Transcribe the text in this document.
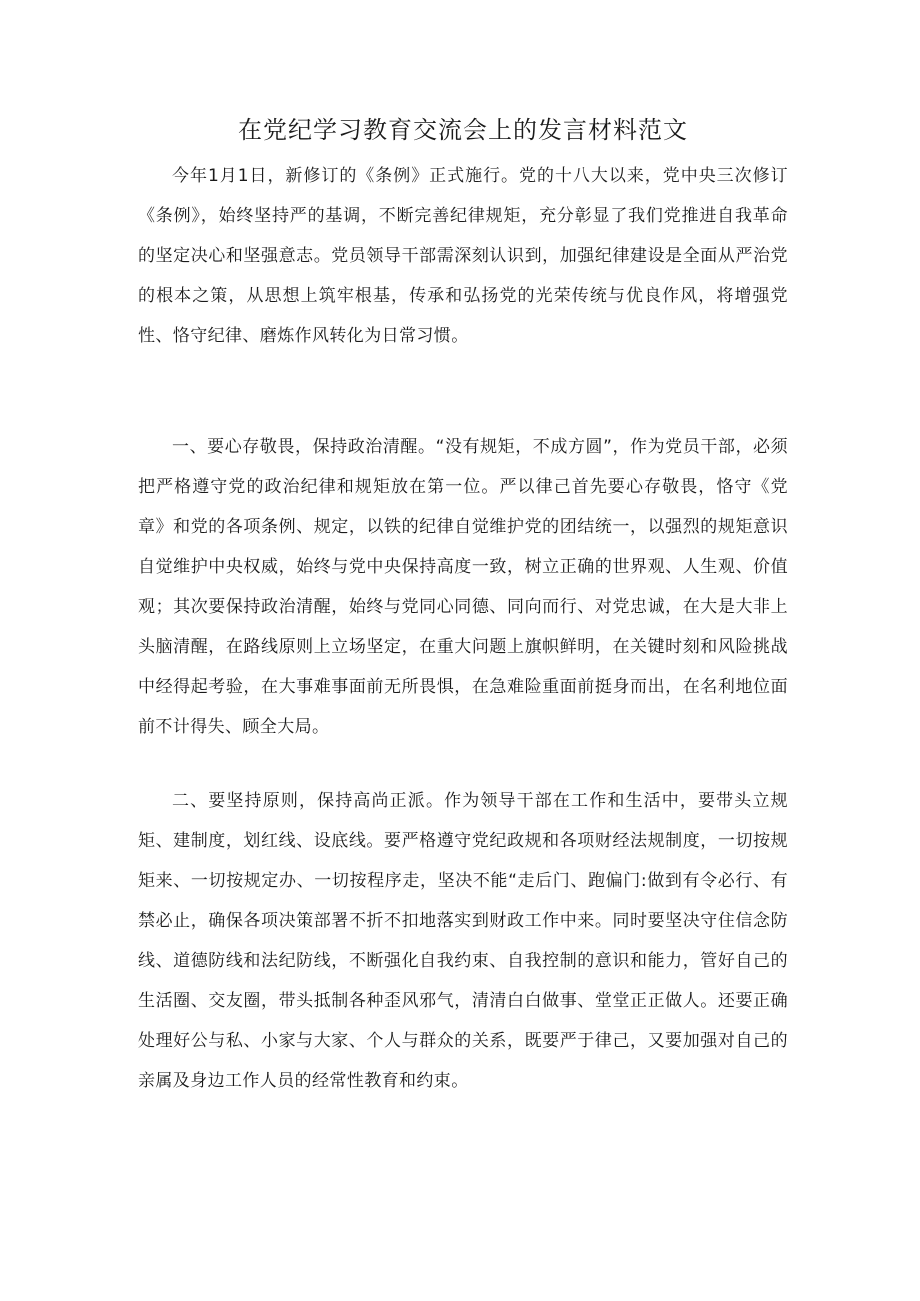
在党纪学习教育交流会上的发言材料范文

今年1月1日，新修订的《条例》正式施行。党的十八大以来，党中央三次修订《条例》，始终坚持严的基调，不断完善纪律规矩，充分彰显了我们党推进自我革命的坚定决心和坚强意志。党员领导干部需深刻认识到，加强纪律建设是全面从严治党的根本之策，从思想上筑牢根基，传承和弘扬党的光荣传统与优良作风，将增强党性、恪守纪律、磨炼作风转化为日常习惯。

一、要心存敬畏，保持政治清醒。“没有规矩，不成方圆”，作为党员干部，必须把严格遵守党的政治纪律和规矩放在第一位。严以律己首先要心存敬畏，恪守《党章》和党的各项条例、规定，以铁的纪律自觉维护党的团结统一，以强烈的规矩意识自觉维护中央权威，始终与党中央保持高度一致，树立正确的世界观、人生观、价值观；其次要保持政治清醒，始终与党同心同德、同向而行、对党忠诚，在大是大非上头脑清醒，在路线原则上立场坚定，在重大问题上旗帜鲜明，在关键时刻和风险挑战中经得起考验，在大事难事面前无所畏惧，在急难险重面前挺身而出，在名利地位面前不计得失、顾全大局。

二、要坚持原则，保持高尚正派。作为领导干部在工作和生活中，要带头立规矩、建制度，划红线、设底线。要严格遵守党纪政规和各项财经法规制度，一切按规矩来、一切按规定办、一切按程序走，坚决不能“走后门、跑偏门:做到有令必行、有禁必止，确保各项决策部署不折不扣地落实到财政工作中来。同时要坚决守住信念防线、道德防线和法纪防线，不断强化自我约束、自我控制的意识和能力，管好自己的生活圈、交友圈，带头抵制各种歪风邪气，清清白白做事、堂堂正正做人。还要正确处理好公与私、小家与大家、个人与群众的关系，既要严于律己，又要加强对自己的亲属及身边工作人员的经常性教育和约束。
